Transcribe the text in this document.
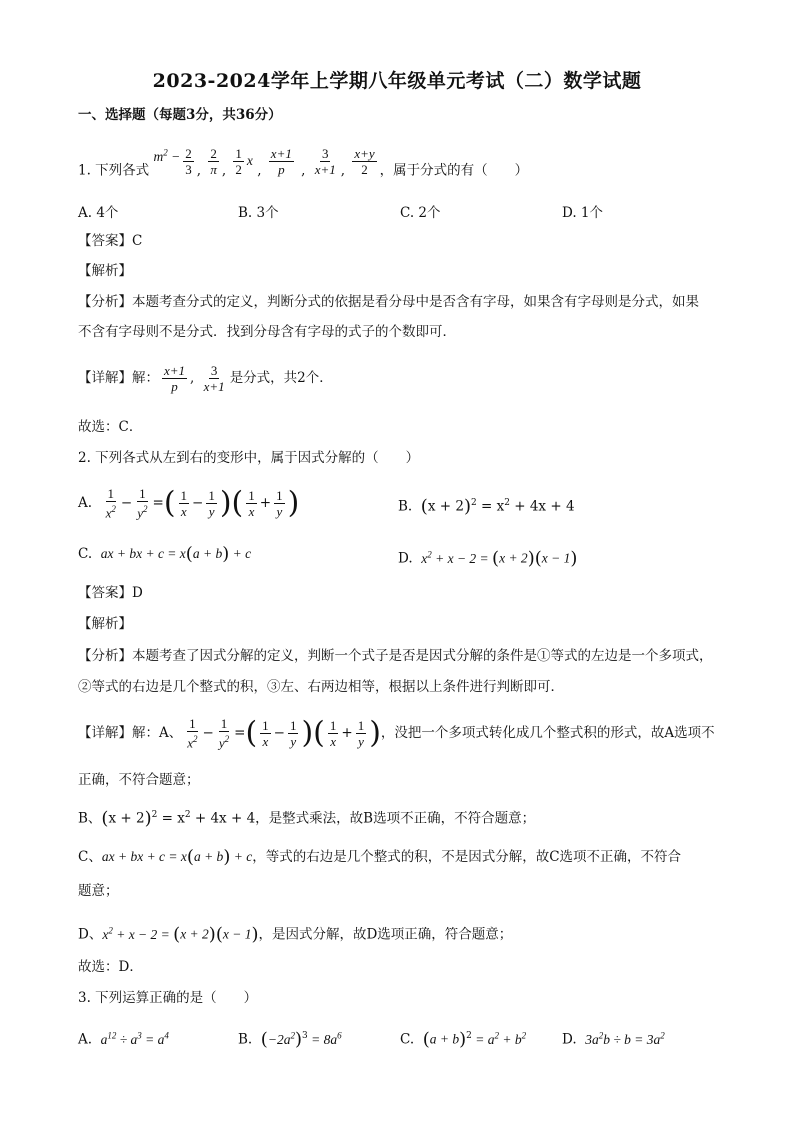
2023-2024学年上学期八年级单元考试（二）数学试题
一、选择题（每题3分，共36分）
1. 下列各式 $m^2 - \frac{2}{3}$ , $\frac{2}{\pi}$ , $\frac{1}{2}$ x , $\frac{x+1}{p}$ , $\frac{3}{x+1}$ , $\frac{x+y}{2}$ ，属于分式的有（　　）
A. 4个	B. 3个	C. 2个	D. 1个
【答案】C
【解析】
【分析】本题考查分式的定义，判断分式的依据是看分母中是否含有字母，如果含有字母则是分式，如果
不含有字母则不是分式．找到分母含有字母的式子的个数即可．
【详解】解： $\frac{x+1}{p}$ , $\frac{3}{x+1}$ 是分式，共2个．
故选：C．
2. 下列各式从左到右的变形中，属于因式分解的（　　）
A. $\frac{1}{x^2} - \frac{1}{y^2}$ =( $\frac{1}{x} - \frac{1}{y}$ )( $\frac{1}{x} + \frac{1}{y}$ )	B.  $(x + 2)^2 = x^2 + 4x + 4$
C.  ax + bx + c = x(a + b) + c	D.  $x^2 + x - 2 = (x + 2)(x - 1)$
【答案】D
【解析】
【分析】本题考查了因式分解的定义，判断一个式子是否是因式分解的条件是①等式的左边是一个多项式，
②等式的右边是几个整式的积，③左、右两边相等，根据以上条件进行判断即可．
【详解】解：A、 $\frac{1}{x^2} - \frac{1}{y^2}$ =( $\frac{1}{x} - \frac{1}{y}$ )( $\frac{1}{x} + \frac{1}{y}$ )，没把一个多项式转化成几个整式积的形式，故A选项不
正确，不符合题意；
B、$(x + 2)^2 = x^2 + 4x + 4$，是整式乘法，故B选项不正确，不符合题意；
C、ax + bx + c = x(a + b) + c，等式的右边是几个整式的积，不是因式分解，故C选项不正确，不符合
题意；
D、$x^2 + x - 2 = (x + 2)(x - 1)$，是因式分解，故D选项正确，符合题意；
故选：D．
3. 下列运算正确的是（　　）
A.  $a^{12} \div a^3 = a^4$	B.  $(-2a^2)^3 = 8a^6$	C.  $(a + b)^2 = a^2 + b^2$	D.  $3a^2b \div b = 3a^2$
